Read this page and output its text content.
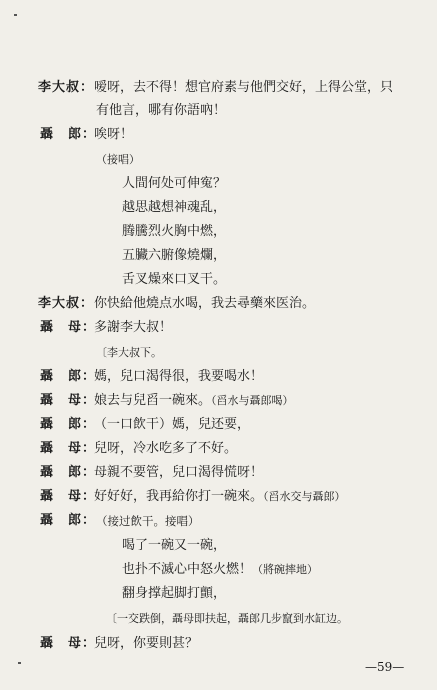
李大叔： 嗳呀，去不得！想官府素与他們交好，上得公堂，只
有他言，哪有你語吶！
聶　郎：
唉呀！
（接唱）
人間何处可伸寃？
越思越想神魂乱，
腾騰烈火胸中燃，
五臟六腑像燒爛，
舌叉燥來口叉干。
李大叔： 你快給他燒点水喝，我去尋藥來医治。
聶　母：
多謝李大叔！
〔李大叔下。
聶　郎：
媽，兒口渴得很，我要喝水！
聶　母：
娘去与兒舀一碗來。（舀水与聶郎喝）
聶　郎：
（一口飲干）媽，兒还要，
聶　母：
兒呀，冷水吃多了不好。
聶　郎：
母親不要管，兒口渴得慌呀！
聶　母：
好好好，我再給你打一碗來。（舀水交与聶郎）
聶　郎： （接过飲干。接唱）
喝了一碗又一碗，
也扑不滅心中怒火燃！（將碗摔地）
翻身撑起脚打顫，
〔一交跌倒，聶母即扶起，聶郎几步竄到水缸边。
聶　母：
兒呀，你要則甚？
—59—
